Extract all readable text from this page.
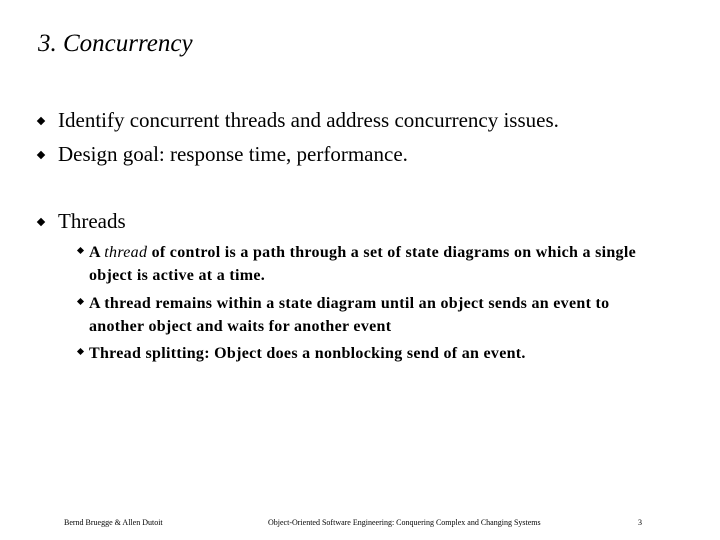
3. Concurrency
Identify concurrent threads and address concurrency issues.
Design goal: response time, performance.
Threads
A thread of control is a path through a set of state diagrams on which a single object is active at a time.
A thread remains within a state diagram until an object sends an event to another object and waits for another event
Thread splitting: Object does a nonblocking send of an event.
Bernd Bruegge & Allen Dutoit	Object-Oriented Software Engineering: Conquering Complex and Changing Systems	3
